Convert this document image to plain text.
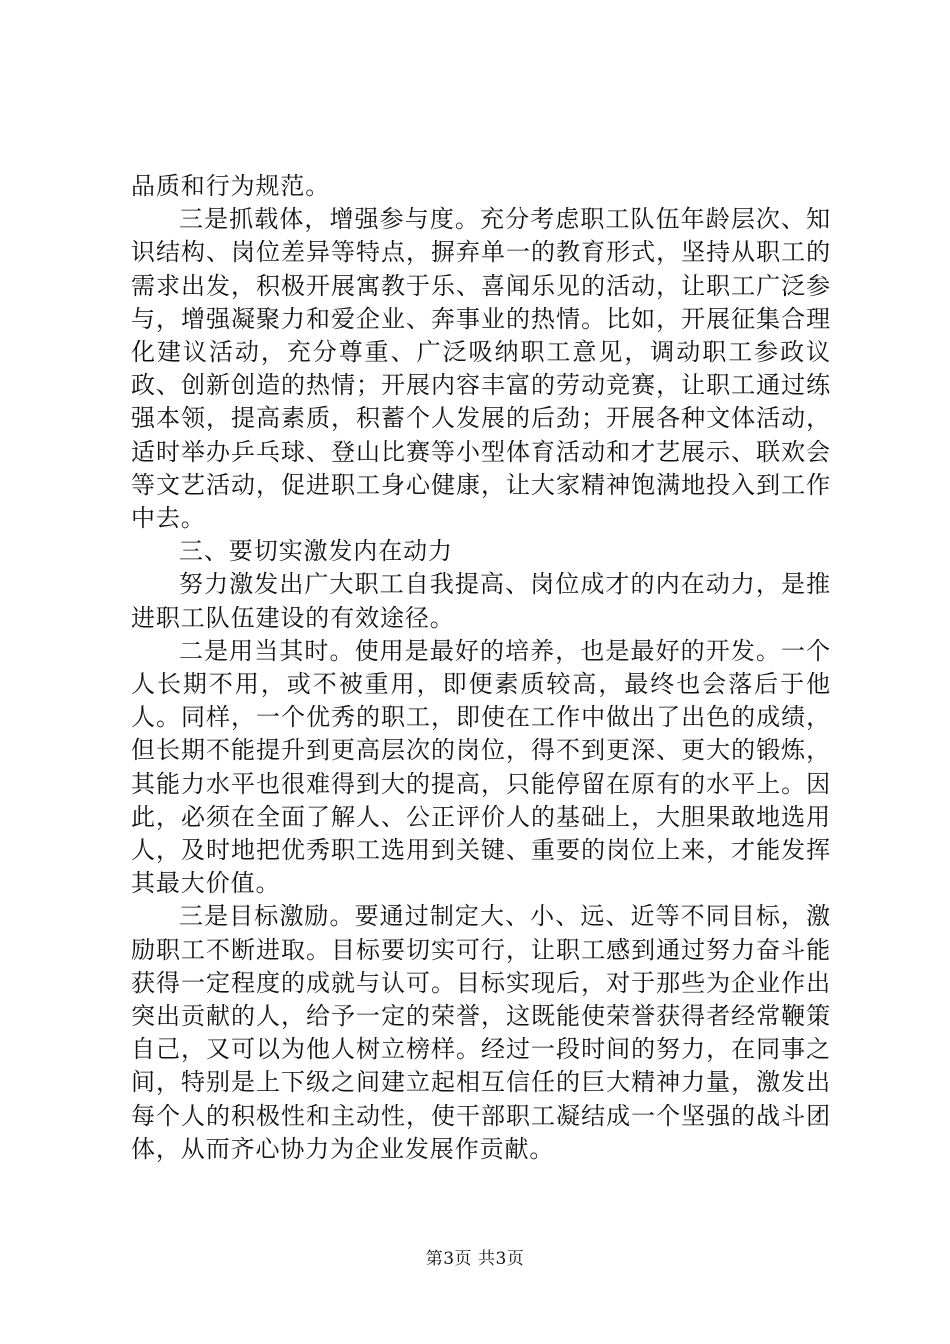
品质和行为规范。

三是抓载体，增强参与度。充分考虑职工队伍年龄层次、知识结构、岗位差异等特点，摒弃单一的教育形式，坚持从职工的需求出发，积极开展寓教于乐、喜闻乐见的活动，让职工广泛参与，增强凝聚力和爱企业、奔事业的热情。比如，开展征集合理化建议活动，充分尊重、广泛吸纳职工意见，调动职工参政议政、创新创造的热情；开展内容丰富的劳动竞赛，让职工通过练强本领，提高素质，积蓄个人发展的后劲；开展各种文体活动，适时举办乒乓球、登山比赛等小型体育活动和才艺展示、联欢会等文艺活动，促进职工身心健康，让大家精神饱满地投入到工作中去。

三、要切实激发内在动力

努力激发出广大职工自我提高、岗位成才的内在动力，是推进职工队伍建设的有效途径。

二是用当其时。使用是最好的培养，也是最好的开发。一个人长期不用，或不被重用，即便素质较高，最终也会落后于他人。同样，一个优秀的职工，即使在工作中做出了出色的成绩，但长期不能提升到更高层次的岗位，得不到更深、更大的锻炼，其能力水平也很难得到大的提高，只能停留在原有的水平上。因此，必须在全面了解人、公正评价人的基础上，大胆果敢地选用人，及时地把优秀职工选用到关键、重要的岗位上来，才能发挥其最大价值。

三是目标激励。要通过制定大、小、远、近等不同目标，激励职工不断进取。目标要切实可行，让职工感到通过努力奋斗能获得一定程度的成就与认可。目标实现后，对于那些为企业作出突出贡献的人，给予一定的荣誉，这既能使荣誉获得者经常鞭策自己，又可以为他人树立榜样。经过一段时间的努力，在同事之间，特别是上下级之间建立起相互信任的巨大精神力量，激发出每个人的积极性和主动性，使干部职工凝结成一个坚强的战斗团体，从而齐心协力为企业发展作贡献。

第3页 共3页
